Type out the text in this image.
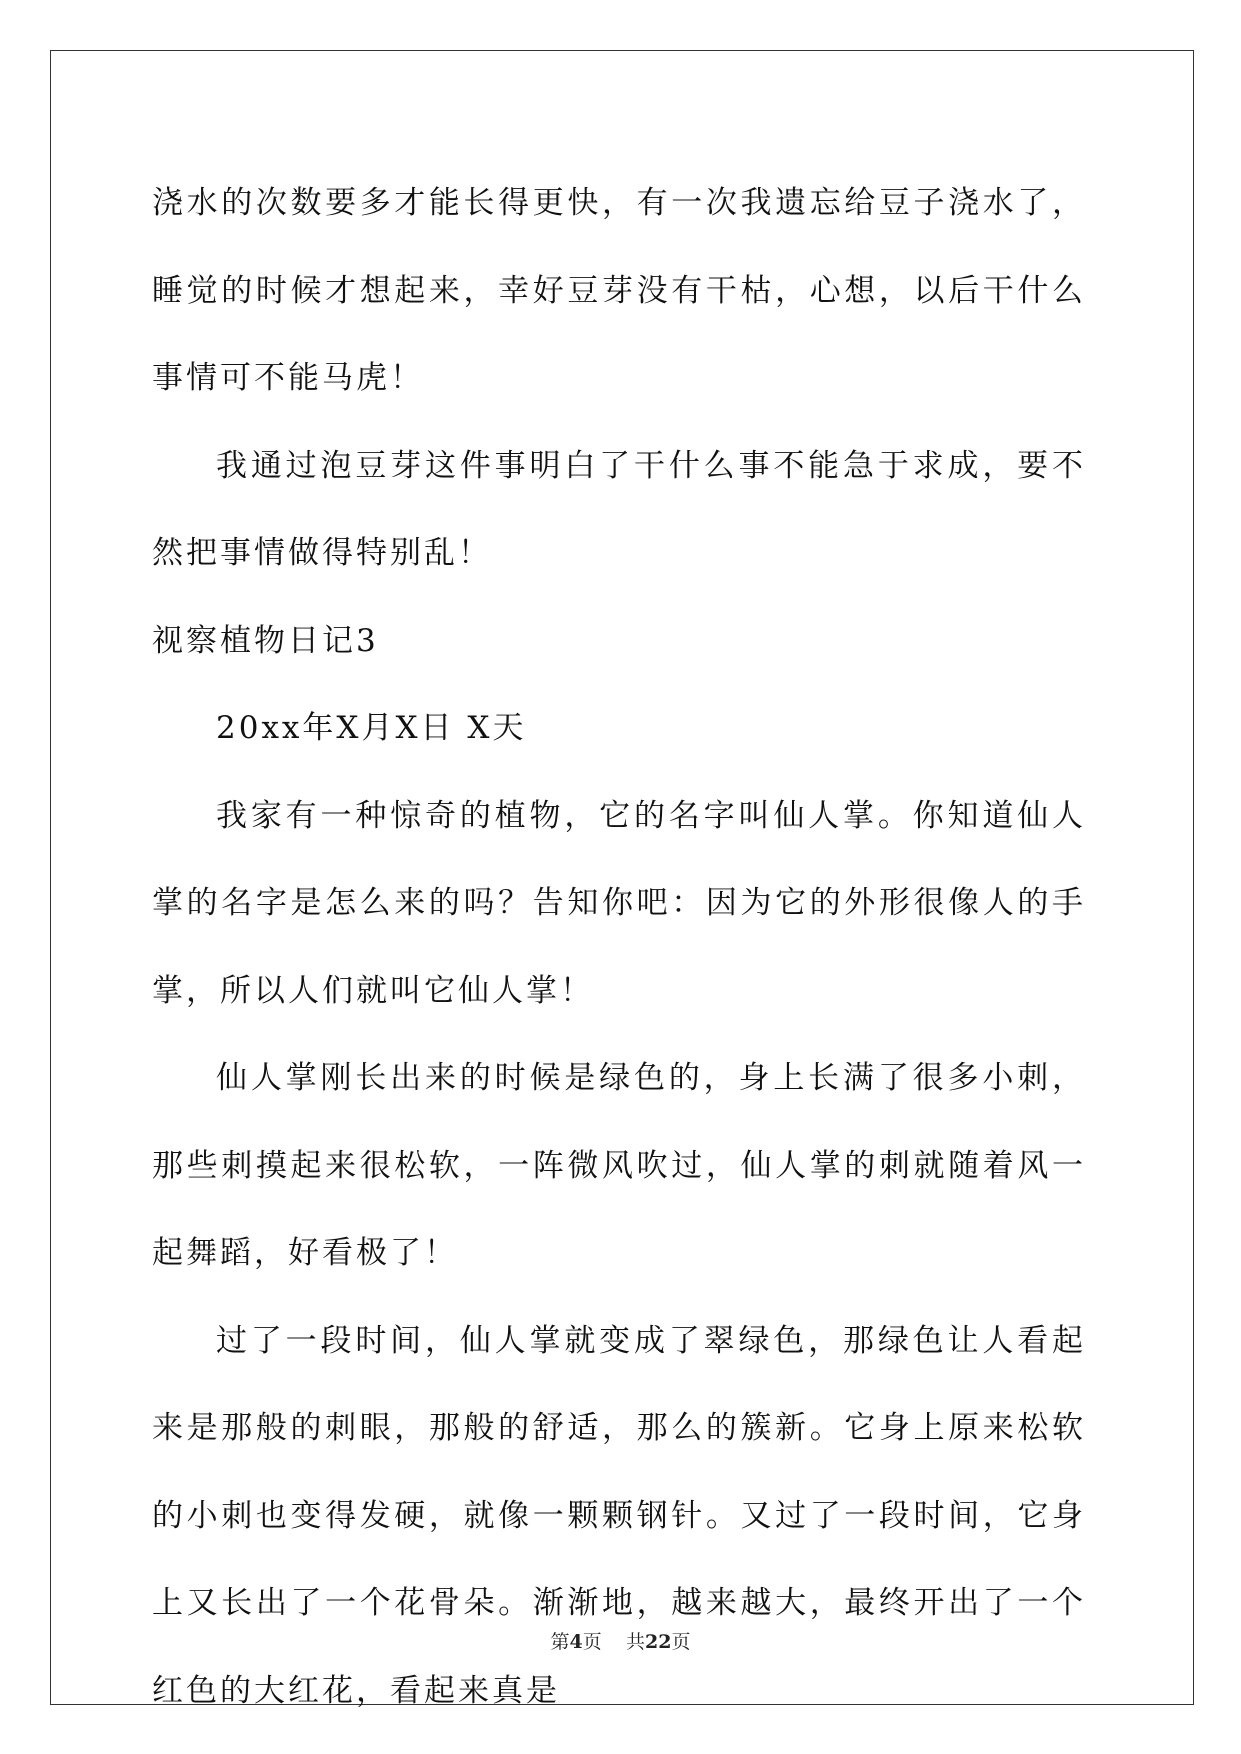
浇水的次数要多才能长得更快，有一次我遗忘给豆子浇水了，睡觉的时候才想起来，幸好豆芽没有干枯，心想，以后干什么事情可不能马虎！

我通过泡豆芽这件事明白了干什么事不能急于求成，要不然把事情做得特别乱！

视察植物日记3

20xx年X月X日 X天

我家有一种惊奇的植物，它的名字叫仙人掌。你知道仙人掌的名字是怎么来的吗？告知你吧：因为它的外形很像人的手掌，所以人们就叫它仙人掌！

仙人掌刚长出来的时候是绿色的，身上长满了很多小刺，那些刺摸起来很松软，一阵微风吹过，仙人掌的刺就随着风一起舞蹈，好看极了！

过了一段时间，仙人掌就变成了翠绿色，那绿色让人看起来是那般的刺眼，那般的舒适，那么的簇新。它身上原来松软的小刺也变得发硬，就像一颗颗钢针。又过了一段时间，它身上又长出了一个花骨朵。渐渐地，越来越大，最终开出了一个红色的大红花，看起来真是

第4页 共22页
